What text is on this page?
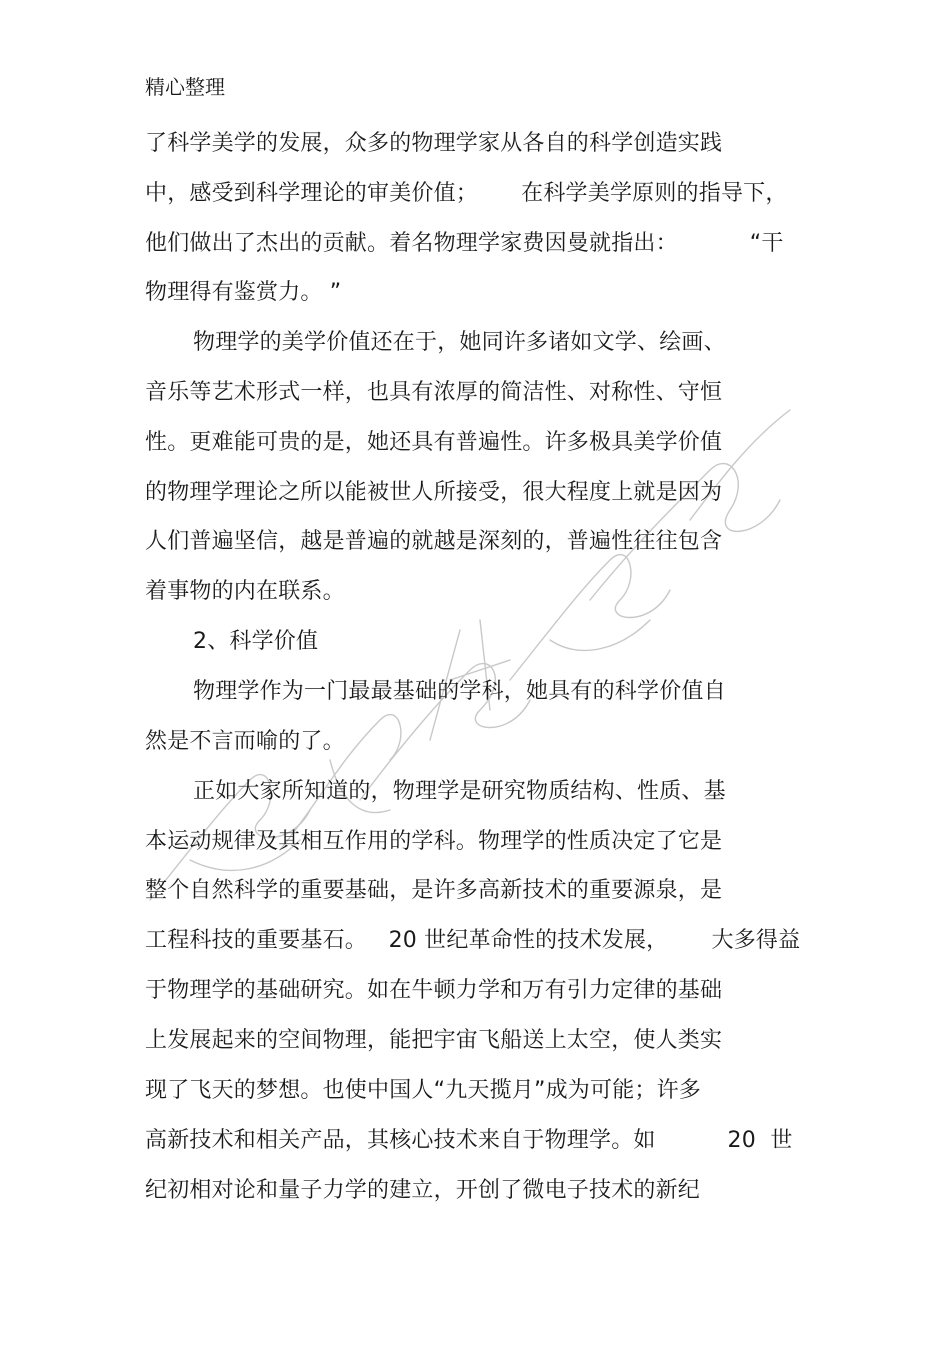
精心整理
了科学美学的发展，众多的物理学家从各自的科学创造实践
中，感受到科学理论的审美价值；      在科学美学原则的指导下，
他们做出了杰出的贡献。着名物理学家费因曼就指出：          “干
物理得有鉴赏力。 ”
物理学的美学价值还在于，她同许多诸如文学、绘画、
音乐等艺术形式一样，也具有浓厚的简洁性、对称性、守恒
性。更难能可贵的是，她还具有普遍性。许多极具美学价值
的物理学理论之所以能被世人所接受，很大程度上就是因为
人们普遍坚信，越是普遍的就越是深刻的，普遍性往往包含
着事物的内在联系。
2、科学价值
物理学作为一门最最基础的学科，她具有的科学价值自
然是不言而喻的了。
正如大家所知道的，物理学是研究物质结构、性质、基
本运动规律及其相互作用的学科。物理学的性质决定了它是
整个自然科学的重要基础，是许多高新技术的重要源泉，是
工程科技的重要基石。   20 世纪革命性的技术发展，      大多得益
于物理学的基础研究。如在牛顿力学和万有引力定律的基础
上发展起来的空间物理，能把宇宙飞船送上太空，使人类实
现了飞天的梦想。也使中国人“九天揽月”成为可能；许多
高新技术和相关产品，其核心技术来自于物理学。如          20  世
纪初相对论和量子力学的建立，开创了微电子技术的新纪
